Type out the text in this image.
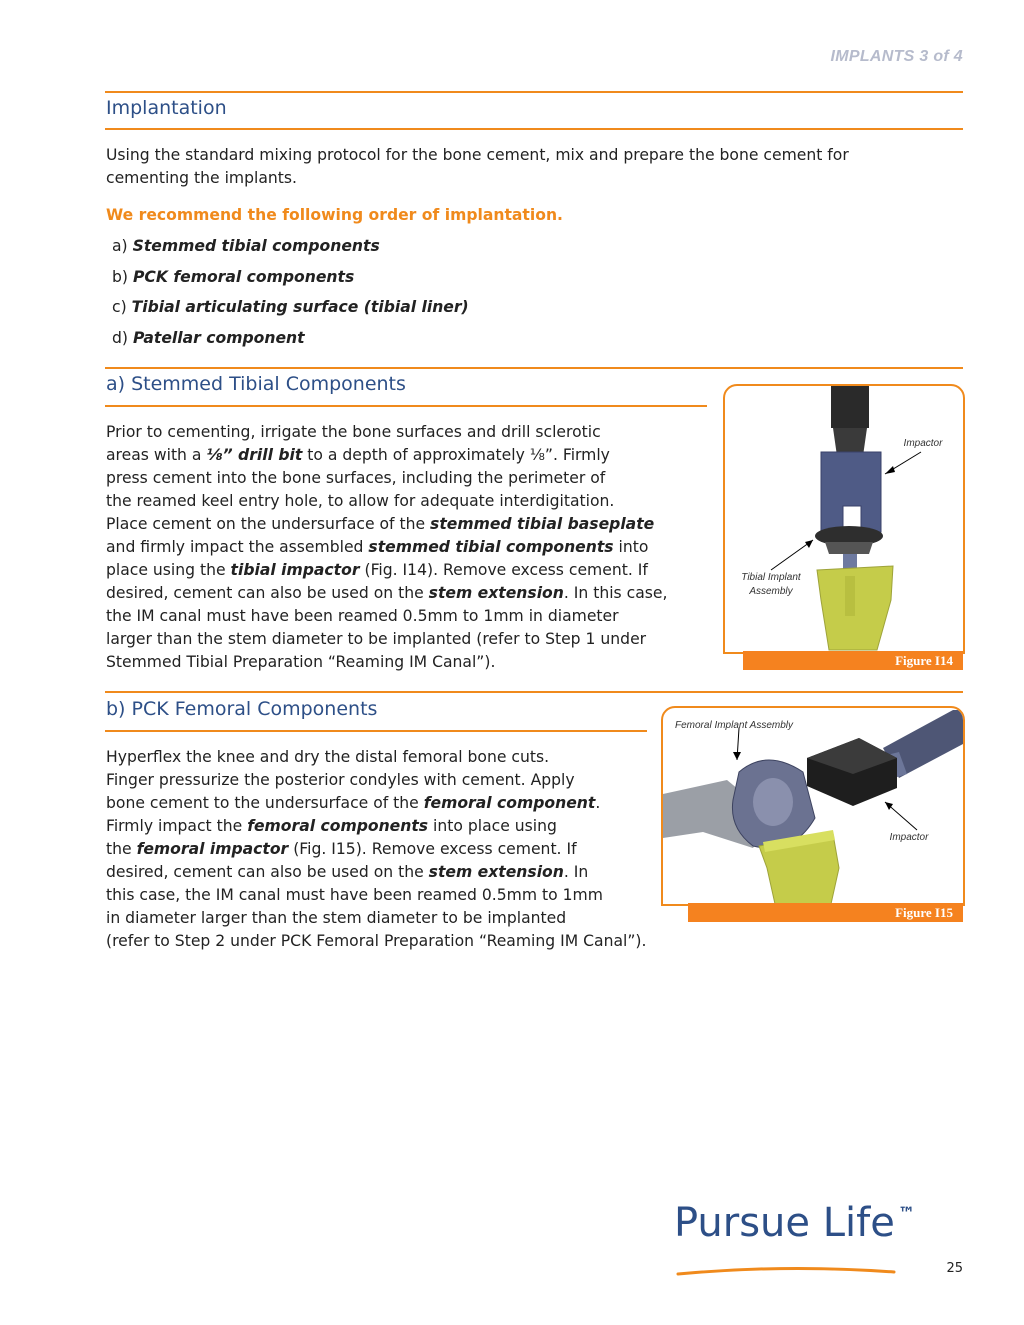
IMPLANTS 3 of 4
Implantation
Using the standard mixing protocol for the bone cement, mix and prepare the bone cement for
cementing the implants.
We recommend the following order of implantation.
a) Stemmed tibial components
b) PCK femoral components
c) Tibial articulating surface (tibial liner)
d) Patellar component
a) Stemmed Tibial Components
Prior to cementing, irrigate the bone surfaces and drill sclerotic
areas with a ⅛” drill bit to a depth of approximately ⅛”. Firmly
press cement into the bone surfaces, including the perimeter of
the reamed keel entry hole, to allow for adequate interdigitation.
Place cement on the undersurface of the stemmed tibial baseplate
and firmly impact the assembled stemmed tibial components into
place using the tibial impactor (Fig. I14). Remove excess cement. If
desired, cement can also be used on the stem extension. In this case,
the IM canal must have been reamed 0.5mm to 1mm in diameter
larger than the stem diameter to be implanted (refer to Step 1 under
Stemmed Tibial Preparation “Reaming IM Canal”).
Impactor
Tibial Implant
Assembly
Figure I14
b) PCK Femoral Components
Hyperflex the knee and dry the distal femoral bone cuts.
Finger pressurize the posterior condyles with cement. Apply
bone cement to the undersurface of the femoral component.
Firmly impact the femoral components into place using
the femoral impactor (Fig. I15). Remove excess cement. If
desired, cement can also be used on the stem extension. In
this case, the IM canal must have been reamed 0.5mm to 1mm
in diameter larger than the stem diameter to be implanted
(refer to Step 2 under PCK Femoral Preparation “Reaming IM Canal”).
Femoral Implant Assembly
Impactor
Figure I15
Pursue Life ™
25
